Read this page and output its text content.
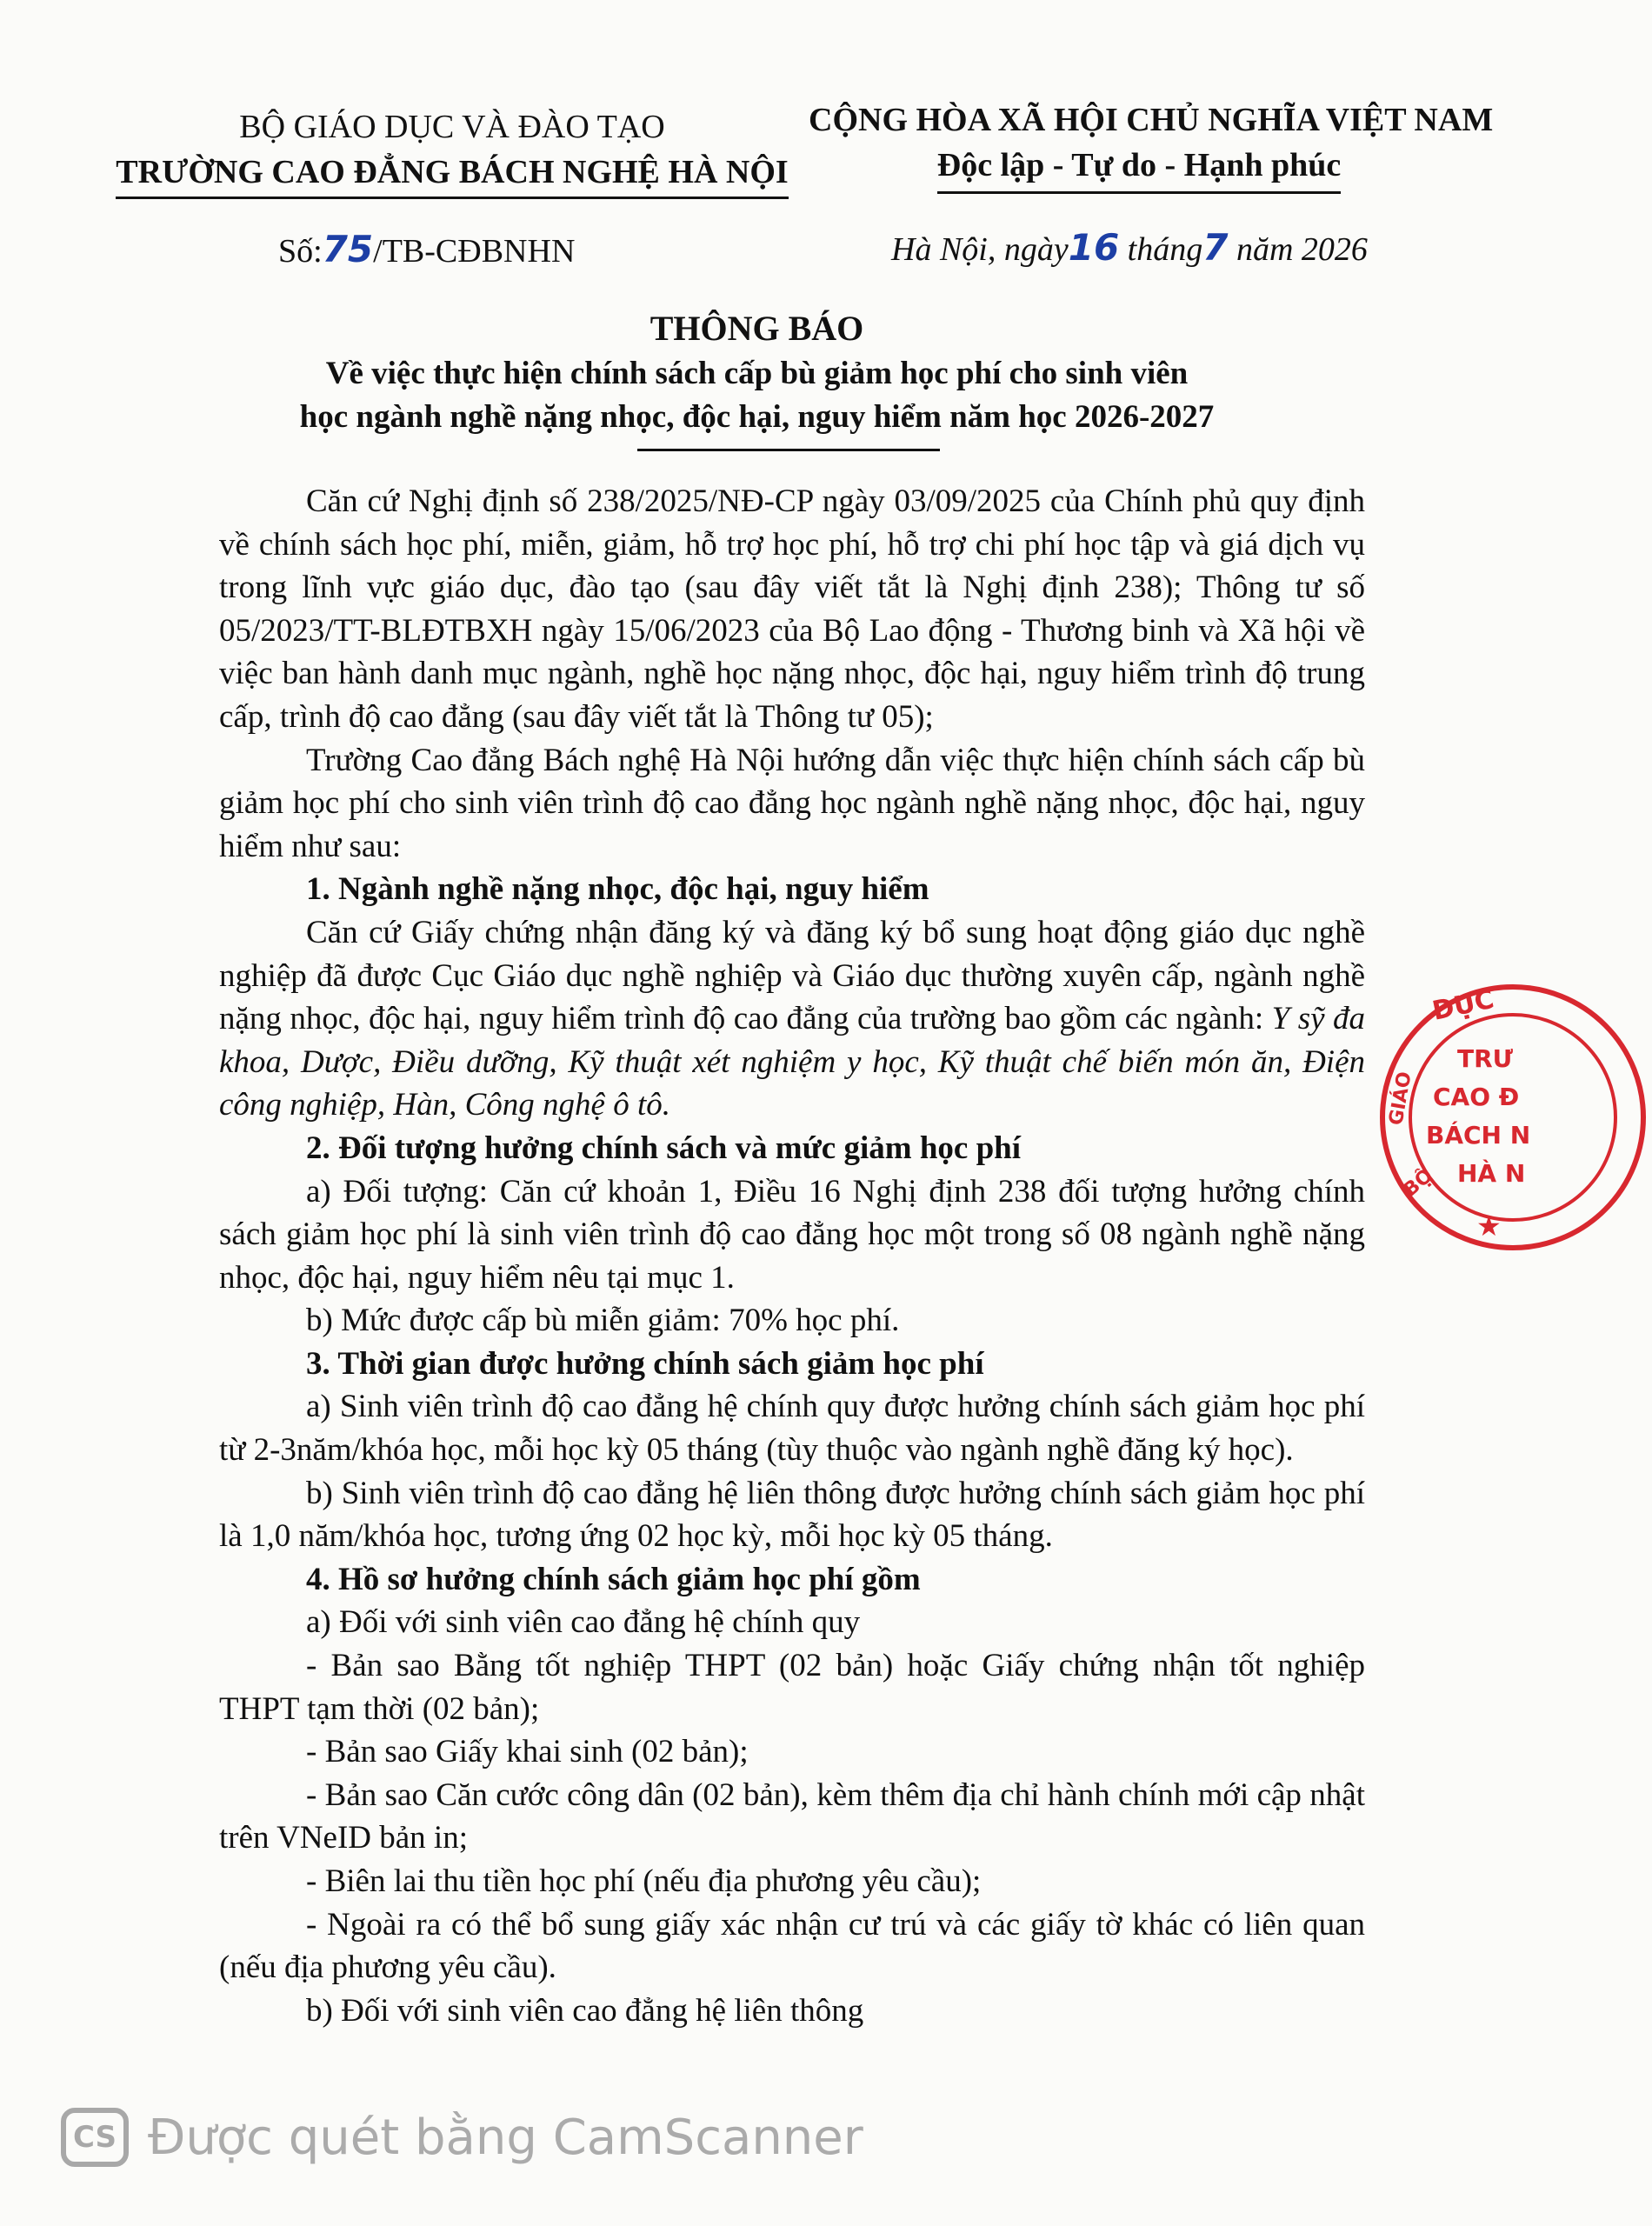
BỘ GIÁO DỤC VÀ ĐÀO TẠO
TRƯỜNG CAO ĐẲNG BÁCH NGHỆ HÀ NỘI
CỘNG HÒA XÃ HỘI CHỦ NGHĨA VIỆT NAM
Độc lập - Tự do - Hạnh phúc
Số:75/TB-CĐBNHN	Hà Nội, ngày16 tháng7 năm 2026
THÔNG BÁO
Về việc thực hiện chính sách cấp bù giảm học phí cho sinh viên
học ngành nghề nặng nhọc, độc hại, nguy hiểm năm học 2026-2027

Căn cứ Nghị định số 238/2025/NĐ-CP ngày 03/09/2025 của Chính phủ quy định về chính sách học phí, miễn, giảm, hỗ trợ học phí, hỗ trợ chi phí học tập và giá dịch vụ trong lĩnh vực giáo dục, đào tạo (sau đây viết tắt là Nghị định 238); Thông tư số 05/2023/TT-BLĐTBXH ngày 15/06/2023 của Bộ Lao động - Thương binh và Xã hội về việc ban hành danh mục ngành, nghề học nặng nhọc, độc hại, nguy hiểm trình độ trung cấp, trình độ cao đẳng (sau đây viết tắt là Thông tư 05);

Trường Cao đẳng Bách nghệ Hà Nội hướng dẫn việc thực hiện chính sách cấp bù giảm học phí cho sinh viên trình độ cao đẳng học ngành nghề nặng nhọc, độc hại, nguy hiểm như sau:

1. Ngành nghề nặng nhọc, độc hại, nguy hiểm

Căn cứ Giấy chứng nhận đăng ký và đăng ký bổ sung hoạt động giáo dục nghề nghiệp đã được Cục Giáo dục nghề nghiệp và Giáo dục thường xuyên cấp, ngành nghề nặng nhọc, độc hại, nguy hiểm trình độ cao đẳng của trường bao gồm các ngành: Y sỹ đa khoa, Dược, Điều dưỡng, Kỹ thuật xét nghiệm y học, Kỹ thuật chế biến món ăn, Điện công nghiệp, Hàn, Công nghệ ô tô.

2. Đối tượng hưởng chính sách và mức giảm học phí

a) Đối tượng: Căn cứ khoản 1, Điều 16 Nghị định 238 đối tượng hưởng chính sách giảm học phí là sinh viên trình độ cao đẳng học một trong số 08 ngành nghề nặng nhọc, độc hại, nguy hiểm nêu tại mục 1.

b) Mức được cấp bù miễn giảm: 70% học phí.

3. Thời gian được hưởng chính sách giảm học phí

a) Sinh viên trình độ cao đẳng hệ chính quy được hưởng chính sách giảm học phí từ 2-3năm/khóa học, mỗi học kỳ 05 tháng (tùy thuộc vào ngành nghề đăng ký học).

b) Sinh viên trình độ cao đẳng hệ liên thông được hưởng chính sách giảm học phí là 1,0 năm/khóa học, tương ứng 02 học kỳ, mỗi học kỳ 05 tháng.

4. Hồ sơ hưởng chính sách giảm học phí gồm

a) Đối với sinh viên cao đẳng hệ chính quy

- Bản sao Bằng tốt nghiệp THPT (02 bản) hoặc Giấy chứng nhận tốt nghiệp THPT tạm thời (02 bản);

- Bản sao Giấy khai sinh (02 bản);

- Bản sao Căn cước công dân (02 bản), kèm thêm địa chỉ hành chính mới cập nhật trên VNeID bản in;

- Biên lai thu tiền học phí (nếu địa phương yêu cầu);

- Ngoài ra có thể bổ sung giấy xác nhận cư trú và các giấy tờ khác có liên quan (nếu địa phương yêu cầu).

b) Đối với sinh viên cao đẳng hệ liên thông

DỤC
GIÁO
BỘ
TRƯ
CAO Đ
BÁCH N
HÀ N
★
CS Được quét bằng CamScanner
